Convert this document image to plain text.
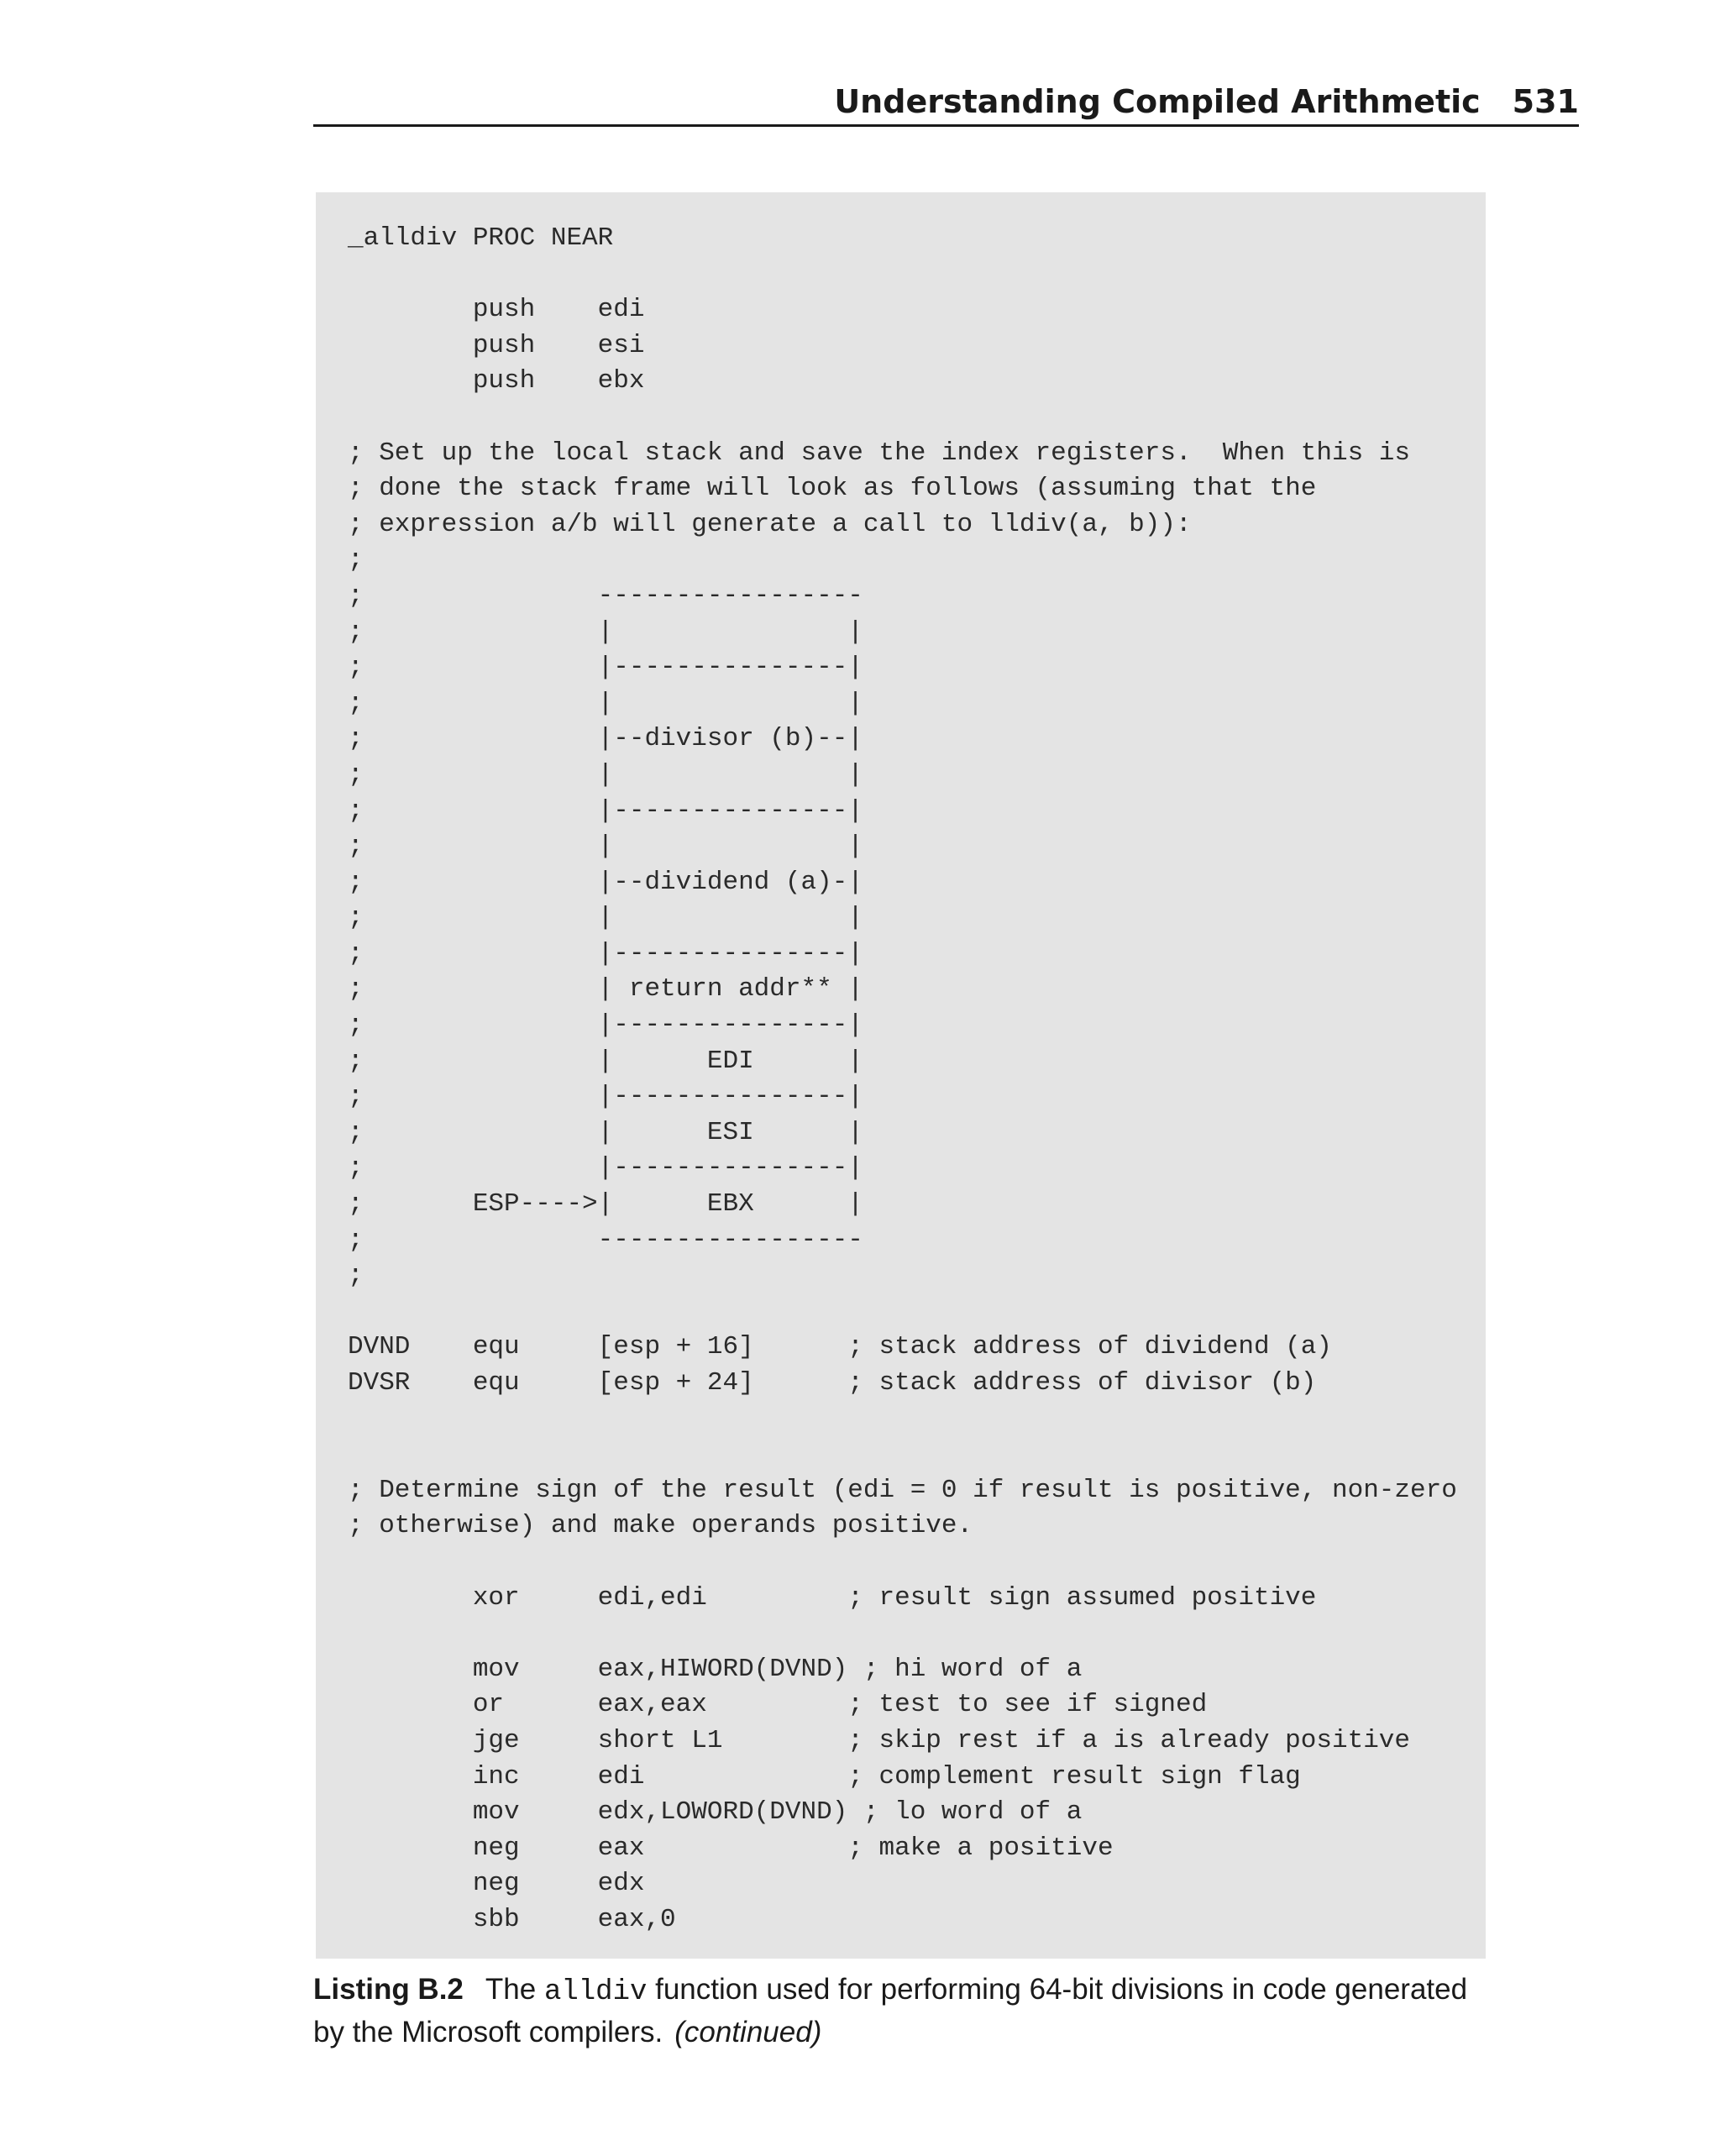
Understanding Compiled Arithmetic 531
_alldiv PROC NEAR
push    edi
push    esi
push    ebx
; Set up the local stack and save the index registers.  When this is
; done the stack frame will look as follows (assuming that the
; expression a/b will generate a call to lldiv(a, b)):
;
;               -----------------
;               |               |
;               |---------------|
;               |               |
;               |--divisor (b)--|
;               |               |
;               |---------------|
;               |               |
;               |--dividend (a)-|
;               |               |
;               |---------------|
;               | return addr** |
;               |---------------|
;               |      EDI      |
;               |---------------|
;               |      ESI      |
;               |---------------|
;       ESP---->|      EBX      |
;               -----------------
;
DVND    equ     [esp + 16]      ; stack address of dividend (a)
DVSR    equ     [esp + 24]      ; stack address of divisor (b)
; Determine sign of the result (edi = 0 if result is positive, non-zero
; otherwise) and make operands positive.
xor     edi,edi         ; result sign assumed positive
mov     eax,HIWORD(DVND) ; hi word of a
or      eax,eax         ; test to see if signed
jge     short L1        ; skip rest if a is already positive
inc     edi             ; complement result sign flag
mov     edx,LOWORD(DVND) ; lo word of a
neg     eax             ; make a positive
neg     edx
sbb     eax,0
Listing B.2 The alldiv function used for performing 64-bit divisions in code generated by the Microsoft compilers. (continued)
